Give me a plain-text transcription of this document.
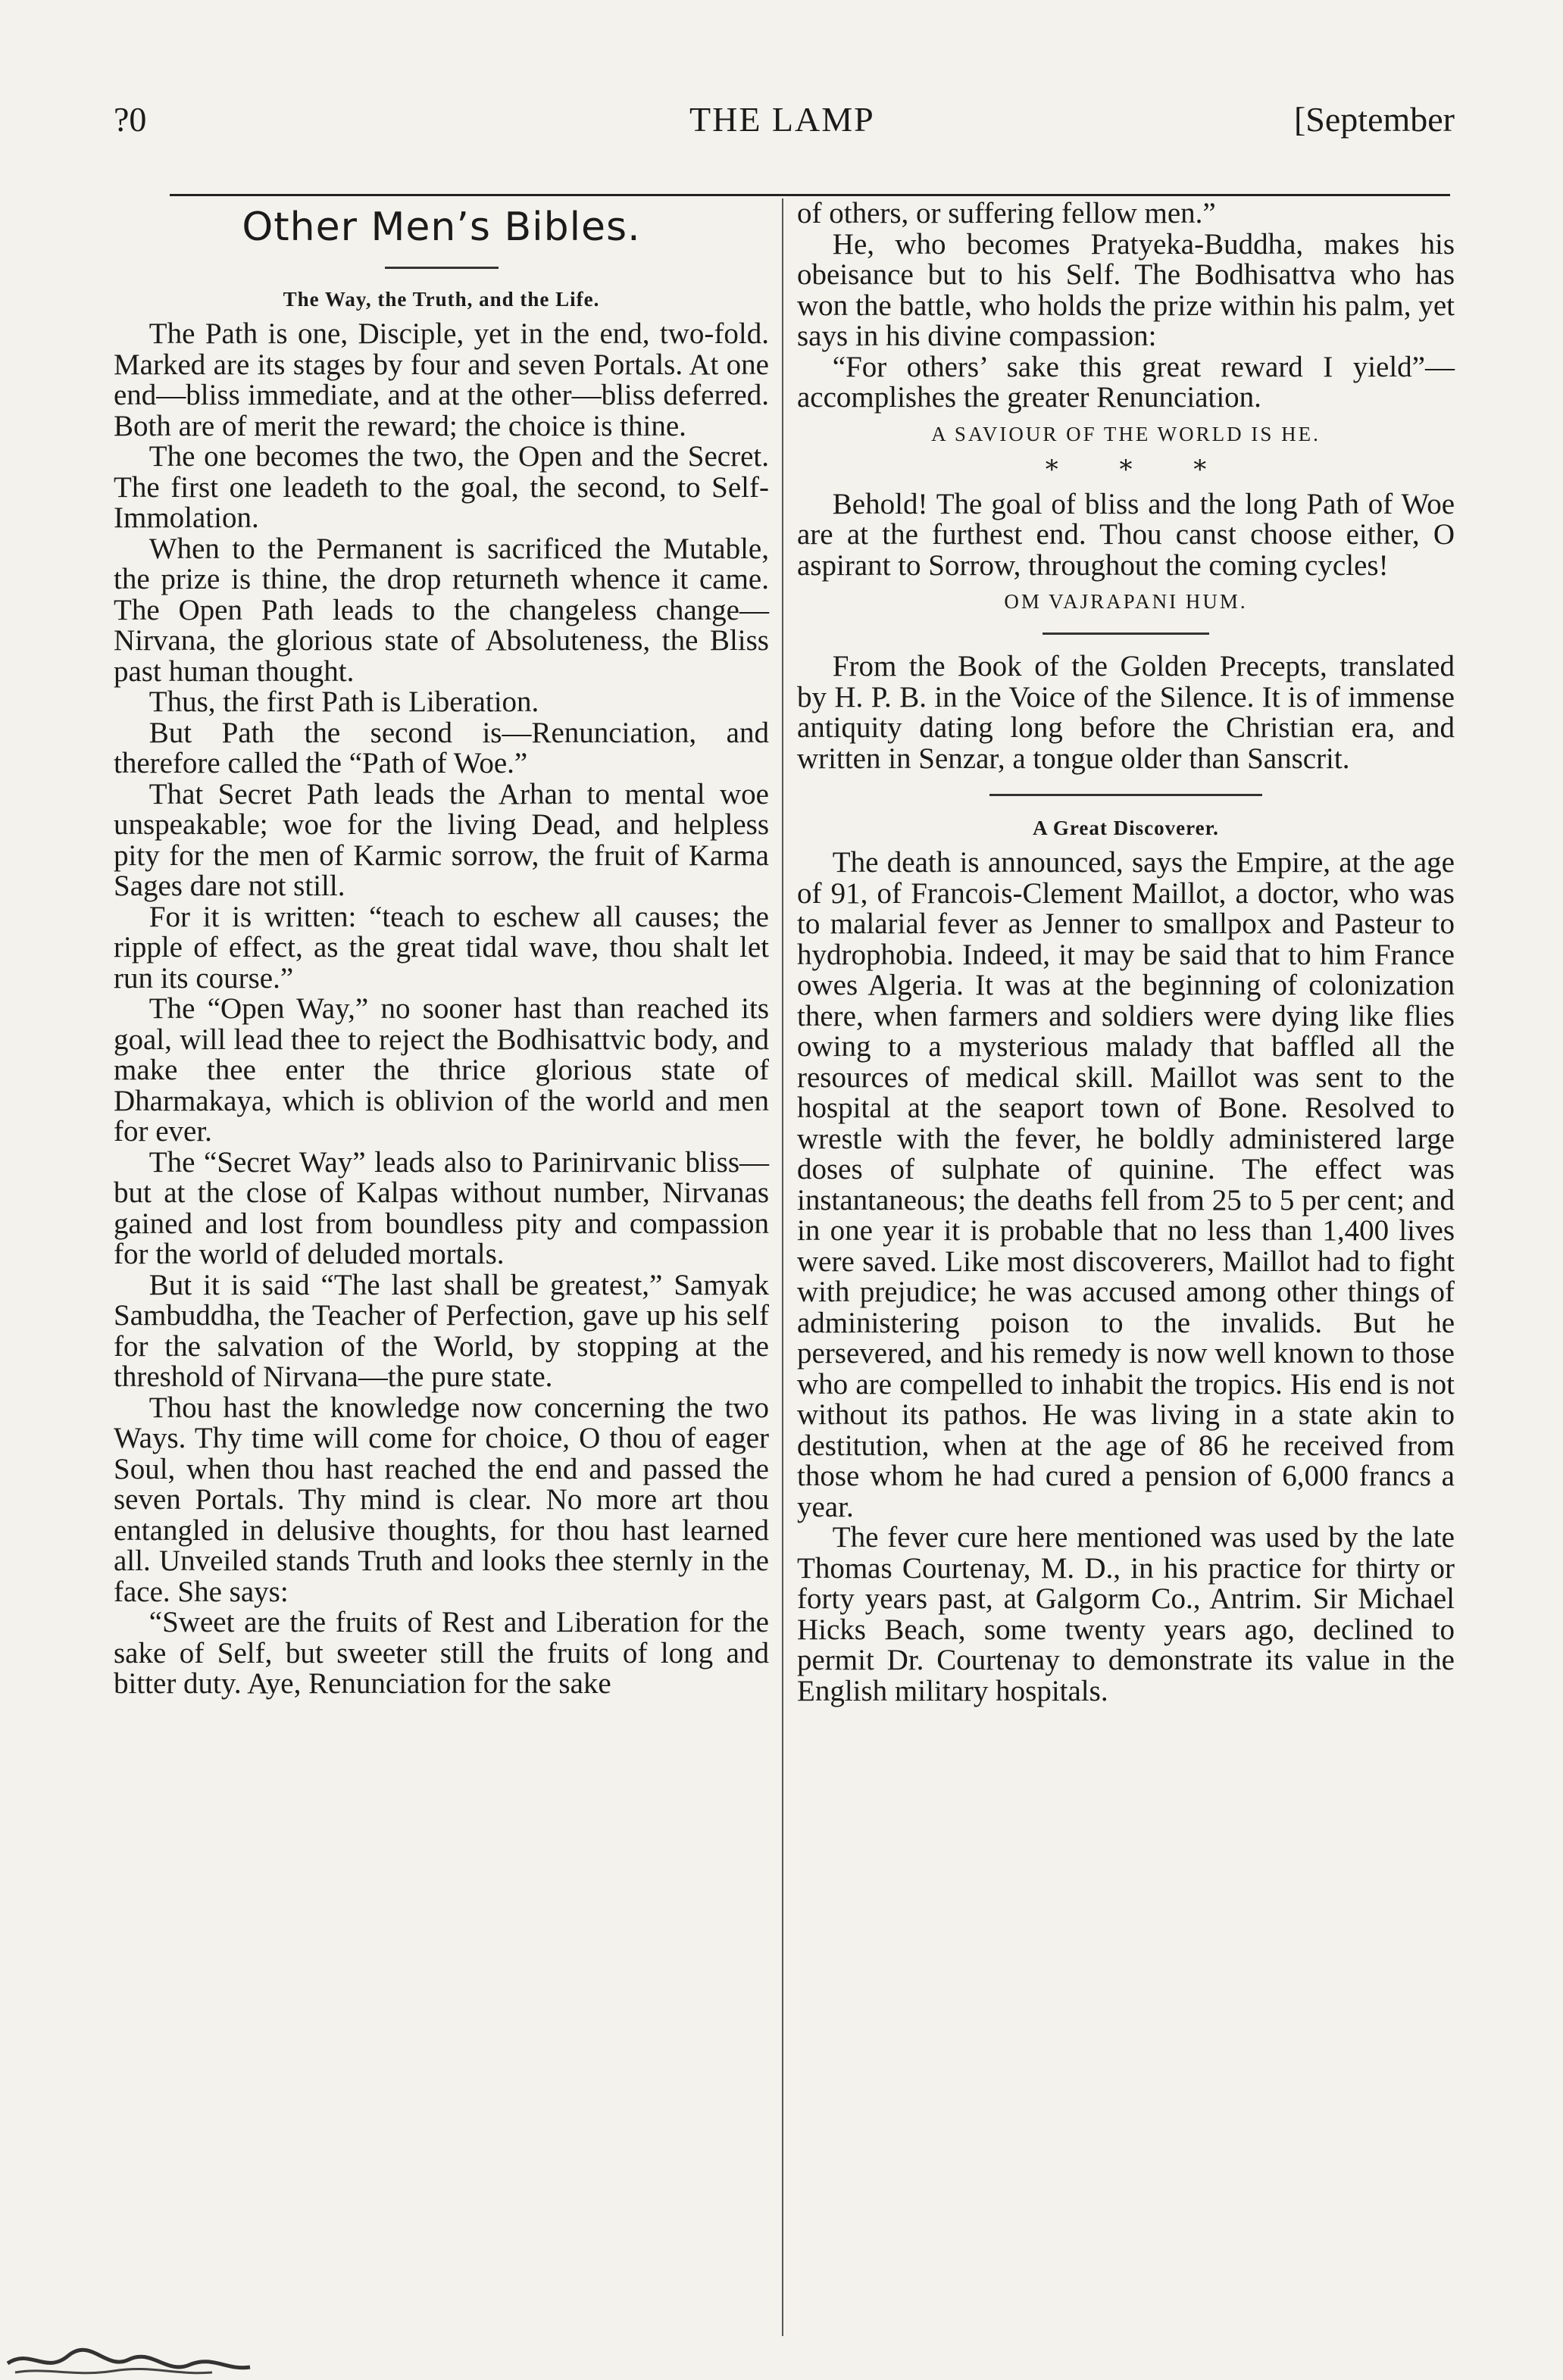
?0	THE LAMP	[September
Other Men’s Bibles.
The Way, the Truth, and the Life.

The Path is one, Disciple, yet in the end, two-fold. Marked are its stages by four and seven Portals. At one end—bliss immediate, and at the other—bliss deferred. Both are of merit the reward; the choice is thine.

The one becomes the two, the Open and the Secret. The first one leadeth to the goal, the second, to Self-Immolation.

When to the Permanent is sacrificed the Mutable, the prize is thine, the drop returneth whence it came. The Open Path leads to the changeless change—Nirvana, the glorious state of Absoluteness, the Bliss past human thought.

Thus, the first Path is Liberation.

But Path the second is—Renunciation, and therefore called the “Path of Woe.”

That Secret Path leads the Arhan to mental woe unspeakable; woe for the living Dead, and helpless pity for the men of Karmic sorrow, the fruit of Karma Sages dare not still.

For it is written: “teach to eschew all causes; the ripple of effect, as the great tidal wave, thou shalt let run its course.”

The “Open Way,” no sooner hast than reached its goal, will lead thee to reject the Bodhisattvic body, and make thee enter the thrice glorious state of Dharmakaya, which is oblivion of the world and men for ever.

The “Secret Way” leads also to Parinirvanic bliss—but at the close of Kalpas without number, Nirvanas gained and lost from boundless pity and compassion for the world of deluded mortals.

But it is said “The last shall be greatest,” Samyak Sambuddha, the Teacher of Perfection, gave up his self for the salvation of the World, by stopping at the threshold of Nirvana—the pure state.

Thou hast the knowledge now concerning the two Ways. Thy time will come for choice, O thou of eager Soul, when thou hast reached the end and passed the seven Portals. Thy mind is clear. No more art thou entangled in delusive thoughts, for thou hast learned all. Unveiled stands Truth and looks thee sternly in the face. She says:

“Sweet are the fruits of Rest and Liberation for the sake of Self, but sweeter still the fruits of long and bitter duty. Aye, Renunciation for the sake

of others, or suffering fellow men.”

He, who becomes Pratyeka-Buddha, makes his obeisance but to his Self. The Bodhisattva who has won the battle, who holds the prize within his palm, yet says in his divine compassion:

“For others’ sake this great reward I yield”—accomplishes the greater Renunciation.

A SAVIOUR OF THE WORLD IS HE.
* * *

Behold! The goal of bliss and the long Path of Woe are at the furthest end. Thou canst choose either, O aspirant to Sorrow, throughout the coming cycles!

OM VAJRAPANI HUM.

From the Book of the Golden Precepts, translated by H. P. B. in the Voice of the Silence. It is of immense antiquity dating long before the Christian era, and written in Senzar, a tongue older than Sanscrit.

A Great Discoverer.

The death is announced, says the Empire, at the age of 91, of Francois-Clement Maillot, a doctor, who was to malarial fever as Jenner to smallpox and Pasteur to hydrophobia. Indeed, it may be said that to him France owes Algeria. It was at the beginning of colonization there, when farmers and soldiers were dying like flies owing to a mysterious malady that baffled all the resources of medical skill. Maillot was sent to the hospital at the seaport town of Bone. Resolved to wrestle with the fever, he boldly administered large doses of sulphate of quinine. The effect was instantaneous; the deaths fell from 25 to 5 per cent; and in one year it is probable that no less than 1,400 lives were saved. Like most discoverers, Maillot had to fight with prejudice; he was accused among other things of administering poison to the invalids. But he persevered, and his remedy is now well known to those who are compelled to inhabit the tropics. His end is not without its pathos. He was living in a state akin to destitution, when at the age of 86 he received from those whom he had cured a pension of 6,000 francs a year.

The fever cure here mentioned was used by the late Thomas Courtenay, M. D., in his practice for thirty or forty years past, at Galgorm Co., Antrim. Sir Michael Hicks Beach, some twenty years ago, declined to permit Dr. Courtenay to demonstrate its value in the English military hospitals.
